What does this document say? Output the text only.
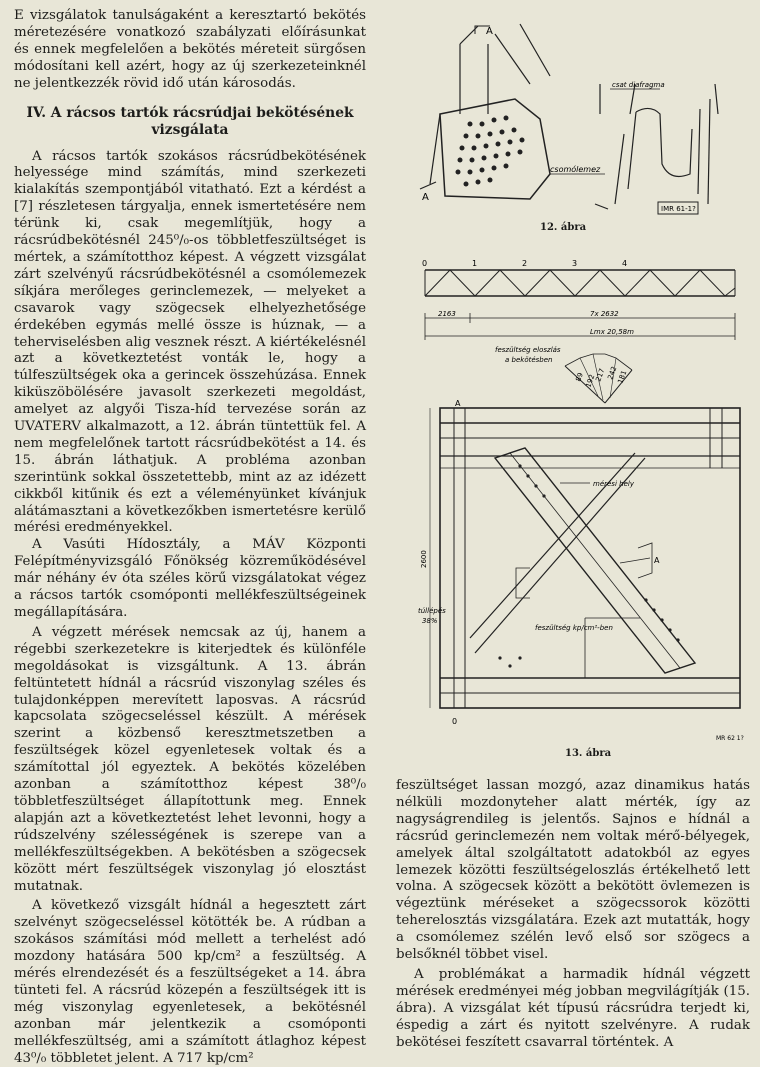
E vizsgálatok tanulságaként a keresztartó bekötés méretezésére vonatkozó szabályzati előírásunkat és ennek megfelelően a bekötés méreteit sürgősen módosítani kell azért, hogy az új szerkezeteinknél ne jelentkezzék rövid idő után károsodás.

IV. A rácsos tartók rácsrúdjai bekötésének
vizsgálata

A rácsos tartók szokásos rácsrúdbekötésének helyessége mind számítás, mind szerkezeti kialakítás szempontjából vitatható. Ezt a kérdést a [7] részletesen tárgyalja, ennek ismertetésére nem térünk ki, csak megemlítjük, hogy a rácsrúdbekötésnél 245⁰/₀-os többletfeszültséget is mértek, a számítotthoz képest. A végzett vizsgálat zárt szelvényű rácsrúdbekötésnél a csomólemezek síkjára merőleges gerinclemezek, — melyeket a csavarok vagy szögecsek elhelyezhetősége érdekében egymás mellé össze is húznak, — a teherviselésben alig vesznek részt. A kiértékelésnél azt a következtetést vonták le, hogy a túlfeszültségek oka a gerincek összehúzása. Ennek kiküszöbölésére javasolt szerkezeti megoldást, amelyet az algyői Tisza-híd tervezése során az UVATERV alkalmazott, a 12. ábrán tüntettük fel. A nem megfelelőnek tartott rácsrúdbekötést a 14. és 15. ábrán láthatjuk. A probléma azonban szerintünk sokkal összetettebb, mint az az idézett cikkből kitűnik és ezt a véleményünket kívánjuk alátámasztani a következőkben ismertetésre kerülő mérési eredményekkel.

A Vasúti Hídosztály, a MÁV Központi Felépítményvizsgáló Főnökség közreműködésével már néhány év óta széles körű vizsgálatokat végez a rácsos tartók csomóponti mellékfeszültségeinek megállapítására.

A végzett mérések nemcsak az új, hanem a régebbi szerkezetekre is kiterjedtek és különféle megoldásokat is vizsgáltunk. A 13. ábrán feltüntetett hídnál a rácsrúd viszonylag széles és tulajdonképpen merevített laposvas. A rácsrúd kapcsolata szögecseléssel készült. A mérések szerint a közbenső keresztmetszetben a feszültségek közel egyenletesek voltak és a számítottal jól egyeztek. A bekötés közelében azonban a számítotthoz képest 38⁰/₀ többletfeszültséget állapítottunk meg. Ennek alapján azt a következtetést lehet levonni, hogy a rúdszelvény szélességének is szerepe van a mellékfeszültségekben. A bekötésben a szögecsek között mért feszültségek viszonylag jó elosztást mutatnak.

A következő vizsgált hídnál a hegesztett zárt szelvényt szögecseléssel kötötték be. A rúdban a szokásos számítási mód mellett a terhelést adó mozdony hatására 500 kp/cm² a feszültség. A mérés elrendezését és a feszültségeket a 14. ábra tünteti fel. A rácsrúd közepén a feszültségek itt is még viszonylag egyenletesek, a bekötésnél azonban már jelentkezik a csomóponti mellékfeszültség, ami a számított átlaghoz képest 43⁰/₀ többletet jelent. A 717 kp/cm²

A
A
csomólemez
csat diafragma
IMR 61-1?
12. ábra
0	1	2	3	4
2163	7x 2632
Lmx 20,58m
feszültség eloszlás
a bekötésben
89 192
217 242
181
mérési hely
túllépés
38%
feszültség kp/cm²-ben
2600
0
A
A
MR 62 1?
13. ábra

feszültséget lassan mozgó, azaz dinamikus hatás nélküli mozdonyteher alatt mérték, így az nagyságrendileg is jelentős. Sajnos e hídnál a rácsrúd gerinclemezén nem voltak mérő-bélyegek, amelyek által szolgáltatott adatokból az egyes lemezek közötti feszültségeloszlás értékelhető lett volna. A szögecsek között a bekötött övlemezen is végeztünk méréseket a szögecssorok közötti teherelosztás vizsgálatára. Ezek azt mutatták, hogy a csomólemez szélén levő első sor szögecs a belsőknél többet visel.

A problémákat a harmadik hídnál végzett mérések eredményei még jobban megvilágítják (15. ábra). A vizsgálat két típusú rácsrúdra terjedt ki, éspedig a zárt és nyitott szelvényre. A rudak bekötései feszített csavarral történtek. A
